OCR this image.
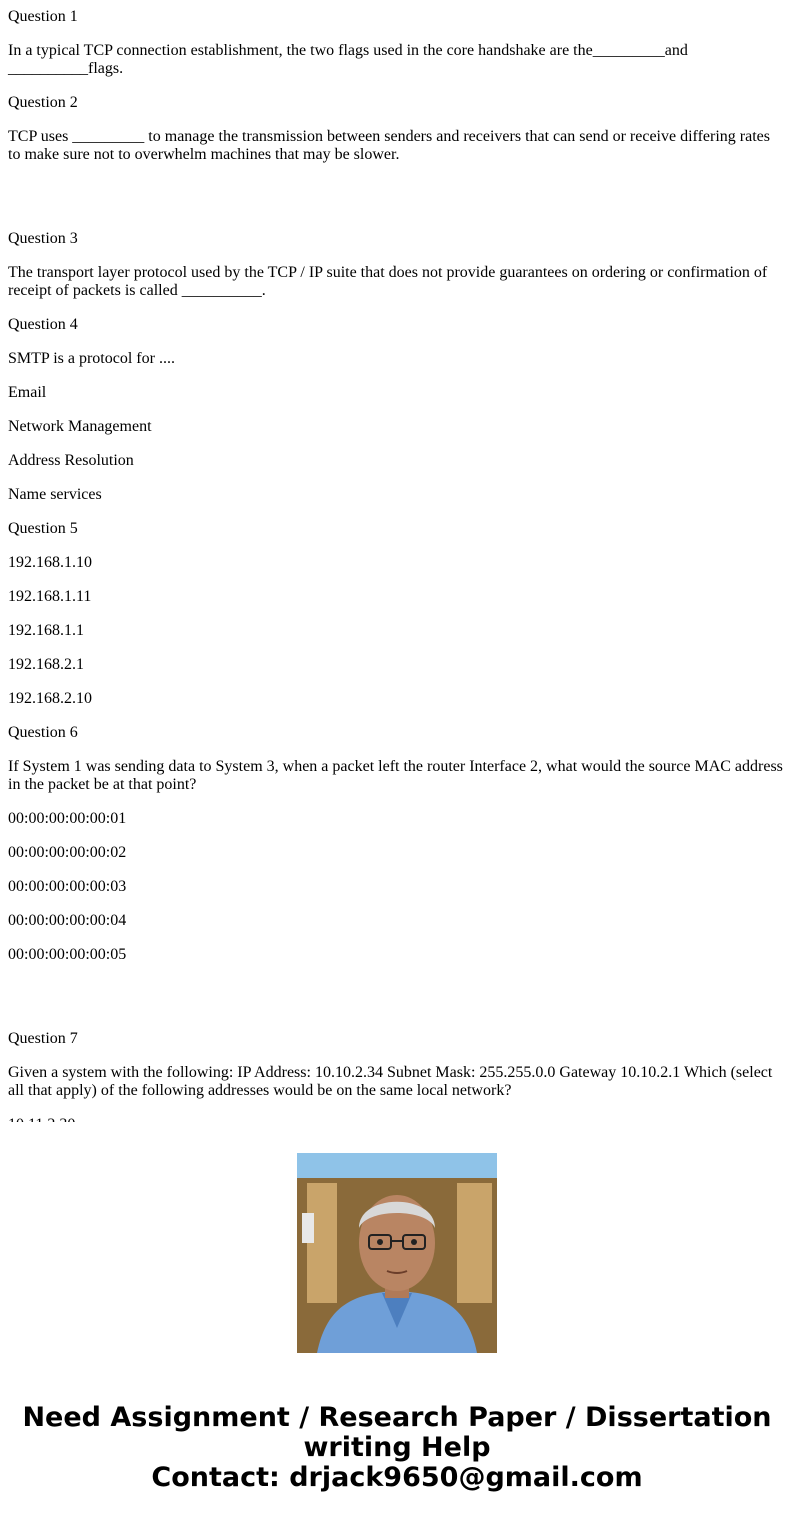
Question 1

In a typical TCP connection establishment, the two flags used in the core handshake are the_________and __________flags.

Question 2

TCP uses _________ to manage the transmission between senders and receivers that can send or receive differing rates to make sure not to overwhelm machines that may be slower.

Question 3

The transport layer protocol used by the TCP / IP suite that does not provide guarantees on ordering or confirmation of receipt of packets is called __________.

Question 4

SMTP is a protocol for ....

Email

Network Management

Address Resolution

Name services

Question 5

192.168.1.10

192.168.1.11

192.168.1.1

192.168.2.1

192.168.2.10

Question 6

If System 1 was sending data to System 3, when a packet left the router Interface 2, what would the source MAC address in the packet be at that point?

00:00:00:00:00:01

00:00:00:00:00:02

00:00:00:00:00:03

00:00:00:00:00:04

00:00:00:00:00:05

Question 7

Given a system with the following: IP Address: 10.10.2.34 Subnet Mask: 255.255.0.0 Gateway 10.10.2.1 Which (select all that apply) of the following addresses would be on the same local network?

Need Assignment / Research Paper / Dissertation
writing Help
Contact: drjack9650@gmail.com
